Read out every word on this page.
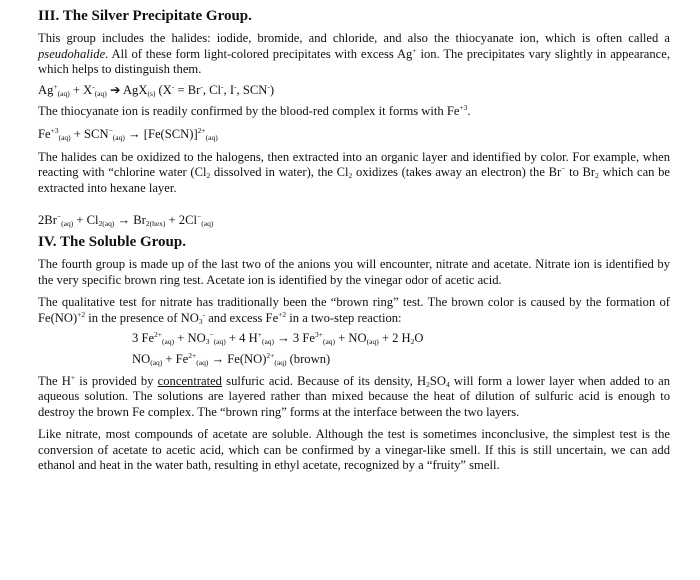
III. The Silver Precipitate Group.

This group includes the halides: iodide, bromide, and chloride, and also the thiocyanate ion, which is often called a pseudohalide. All of these form light-colored precipitates with excess Ag+ ion. The precipitates vary slightly in appearance, which helps to distinguish them.

$Ag^+_{(aq)} + X^-_{(aq)}$ ➔ AgX$_{(s)}$ (X- = Br-, Cl-, I-, SCN-)

The thiocyanate ion is readily confirmed by the blood-red complex it forms with $Fe^{+3}$.

$Fe^{+3}_{(aq)} + SCN^-_{(aq)} \to [Fe(SCN)]^{2+}_{(aq)}$

The halides can be oxidized to the halogens, then extracted into an organic layer and identified by color. For example, when reacting with “chlorine water ($Cl_2$ dissolved in water), the $Cl_2$ oxidizes (takes away an electron) the Br− to $Br_2$ which can be extracted into hexane layer.

$2Br^-_{(aq)} + Cl_{2(aq)} \to Br_{2(hex)} + 2Cl^-_{(aq)}$
IV. The Soluble Group.

The fourth group is made up of the last two of the anions you will encounter, nitrate and acetate. Nitrate ion is identified by the very specific brown ring test. Acetate ion is identified by the vinegar odor of acetic acid.

The qualitative test for nitrate has traditionally been the “brown ring” test. The brown color is caused by the formation of Fe(NO)$^{+2}$ in the presence of $NO_3^-$ and excess $Fe^{+2}$ in a two-step reaction:

3 $Fe^{2+}_{(aq)} + NO_3^-_{(aq)} + 4$ $H^+_{(aq)} \to 3$ $Fe^{3+}_{(aq)} + NO_{(aq)} + 2$ $H_2O$
$NO_{(aq)} + Fe^{2+}_{(aq)} \to Fe(NO)^{2+}_{(aq)}$ (brown)

The H+ is provided by concentrated sulfuric acid. Because of its density, $H_2SO_4$ will form a lower layer when added to an aqueous solution. The solutions are layered rather than mixed because the heat of dilution of sulfuric acid is enough to destroy the brown Fe complex. The “brown ring” forms at the interface between the two layers.

Like nitrate, most compounds of acetate are soluble. Although the test is sometimes inconclusive, the simplest test is the conversion of acetate to acetic acid, which can be confirmed by a vinegar-like smell. If this is still uncertain, we can add ethanol and heat in the water bath, resulting in ethyl acetate, recognized by a “fruity” smell.
